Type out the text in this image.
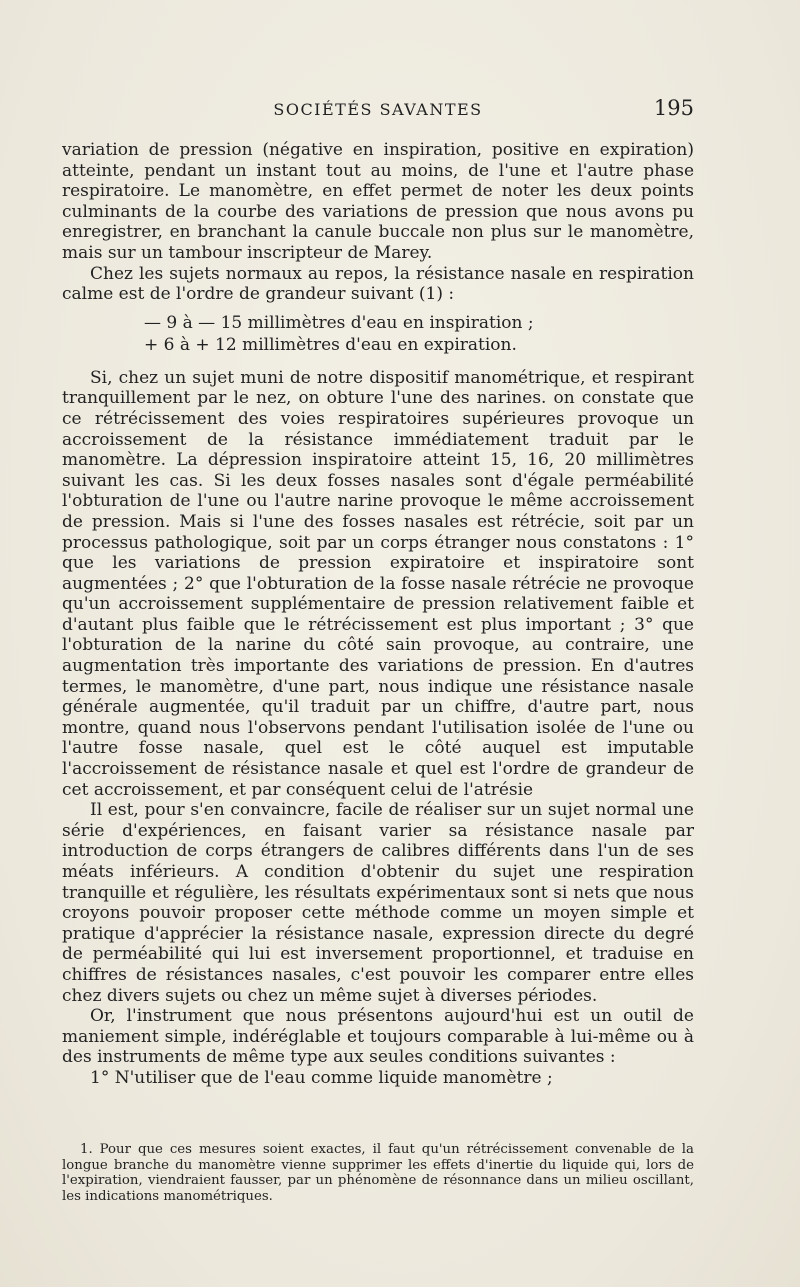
SOCIÉTÉS SAVANTES	195

variation de pression (négative en inspiration, positive en expiration) atteinte, pendant un instant tout au moins, de l'une et l'autre phase respiratoire. Le manomètre, en effet permet de noter les deux points culminants de la courbe des variations de pression que nous avons pu enregistrer, en branchant la canule buccale non plus sur le manomètre, mais sur un tambour inscripteur de Marey.

Chez les sujets normaux au repos, la résistance nasale en respiration calme est de l'ordre de grandeur suivant (1) :

— 9 à — 15 millimètres d'eau en inspiration ;
+ 6 à + 12 millimètres d'eau en expiration.

Si, chez un sujet muni de notre dispositif manométrique, et respirant tranquillement par le nez, on obture l'une des narines. on constate que ce rétrécissement des voies respiratoires supérieures provoque un accroissement de la résistance immédiatement traduit par le manomètre. La dépression inspiratoire atteint 15, 16, 20 millimètres suivant les cas. Si les deux fosses nasales sont d'égale perméabilité l'obturation de l'une ou l'autre narine provoque le même accroissement de pression. Mais si l'une des fosses nasales est rétrécie, soit par un processus pathologique, soit par un corps étranger nous constatons : 1° que les variations de pression expiratoire et inspiratoire sont augmentées ; 2° que l'obturation de la fosse nasale rétrécie ne provoque qu'un accroissement supplémentaire de pression relativement faible et d'autant plus faible que le rétrécissement est plus important ; 3° que l'obturation de la narine du côté sain provoque, au contraire, une augmentation très importante des variations de pression. En d'autres termes, le manomètre, d'une part, nous indique une résistance nasale générale augmentée, qu'il traduit par un chiffre, d'autre part, nous montre, quand nous l'observons pendant l'utilisation isolée de l'une ou l'autre fosse nasale, quel est le côté auquel est imputable l'accroissement de résistance nasale et quel est l'ordre de grandeur de cet accroissement, et par conséquent celui de l'atrésie

Il est, pour s'en convaincre, facile de réaliser sur un sujet normal une série d'expériences, en faisant varier sa résistance nasale par introduction de corps étrangers de calibres différents dans l'un de ses méats inférieurs. A condition d'obtenir du sujet une respiration tranquille et régulière, les résultats expérimentaux sont si nets que nous croyons pouvoir proposer cette méthode comme un moyen simple et pratique d'apprécier la résistance nasale, expression directe du degré de perméabilité qui lui est inversement proportionnel, et traduise en chiffres de résistances nasales, c'est pouvoir les comparer entre elles chez divers sujets ou chez un même sujet à diverses périodes.

Or, l'instrument que nous présentons aujourd'hui est un outil de maniement simple, indéréglable et toujours comparable à lui-même ou à des instruments de même type aux seules conditions suivantes :

1° N'utiliser que de l'eau comme liquide manomètre ;

1. Pour que ces mesures soient exactes, il faut qu'un rétrécissement convenable de la longue branche du manomètre vienne supprimer les effets d'inertie du liquide qui, lors de l'expiration, viendraient fausser, par un phénomène de résonnance dans un milieu oscillant, les indications manométriques.
